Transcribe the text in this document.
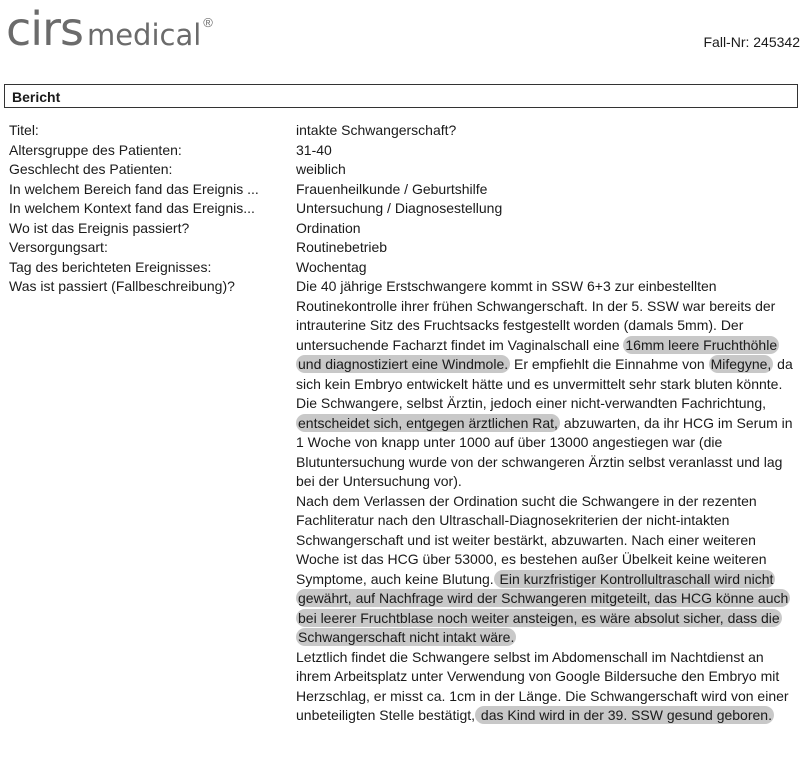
cirs medical ®
Fall-Nr: 245342
Bericht
Titel:	intakte Schwangerschaft?
Altersgruppe des Patienten:	31-40
Geschlecht des Patienten:	weiblich
In welchem Bereich fand das Ereignis ...	Frauenheilkunde / Geburtshilfe
In welchem Kontext fand das Ereignis...	Untersuchung / Diagnosestellung
Wo ist das Ereignis passiert?	Ordination
Versorgungsart:	Routinebetrieb
Tag des berichteten Ereignisses:	Wochentag
Was ist passiert (Fallbeschreibung)?	Die 40 jährige Erstschwangere kommt in SSW 6+3 zur einbestellten Routinekontrolle ihrer frühen Schwangerschaft. In der 5. SSW war bereits der intrauterine Sitz des Fruchtsacks festgestellt worden (damals 5mm). Der untersuchende Facharzt findet im Vaginalschall eine 16mm leere Fruchthöhle und diagnostiziert eine Windmole. Er empfiehlt die Einnahme von Mifegyne, da sich kein Embryo entwickelt hätte und es unvermittelt sehr stark bluten könnte. Die Schwangere, selbst Ärztin, jedoch einer nicht-verwandten Fachrichtung, entscheidet sich, entgegen ärztlichen Rat, abzuwarten, da ihr HCG im Serum in 1 Woche von knapp unter 1000 auf über 13000 angestiegen war (die Blutuntersuchung wurde von der schwangeren Ärztin selbst veranlasst und lag bei der Untersuchung vor).
Nach dem Verlassen der Ordination sucht die Schwangere in der rezenten Fachliteratur nach den Ultraschall-Diagnosekriterien der nicht-intakten Schwangerschaft und ist weiter bestärkt, abzuwarten. Nach einer weiteren Woche ist das HCG über 53000, es bestehen außer Übelkeit keine weiteren Symptome, auch keine Blutung. Ein kurzfristiger Kontrollultraschall wird nicht gewährt, auf Nachfrage wird der Schwangeren mitgeteilt, das HCG könne auch bei leerer Fruchtblase noch weiter ansteigen, es wäre absolut sicher, dass die Schwangerschaft nicht intakt wäre.
Letztlich findet die Schwangere selbst im Abdomenschall im Nachtdienst an ihrem Arbeitsplatz unter Verwendung von Google Bildersuche den Embryo mit Herzschlag, er misst ca. 1cm in der Länge. Die Schwangerschaft wird von einer unbeteiligten Stelle bestätigt, das Kind wird in der 39. SSW gesund geboren.
